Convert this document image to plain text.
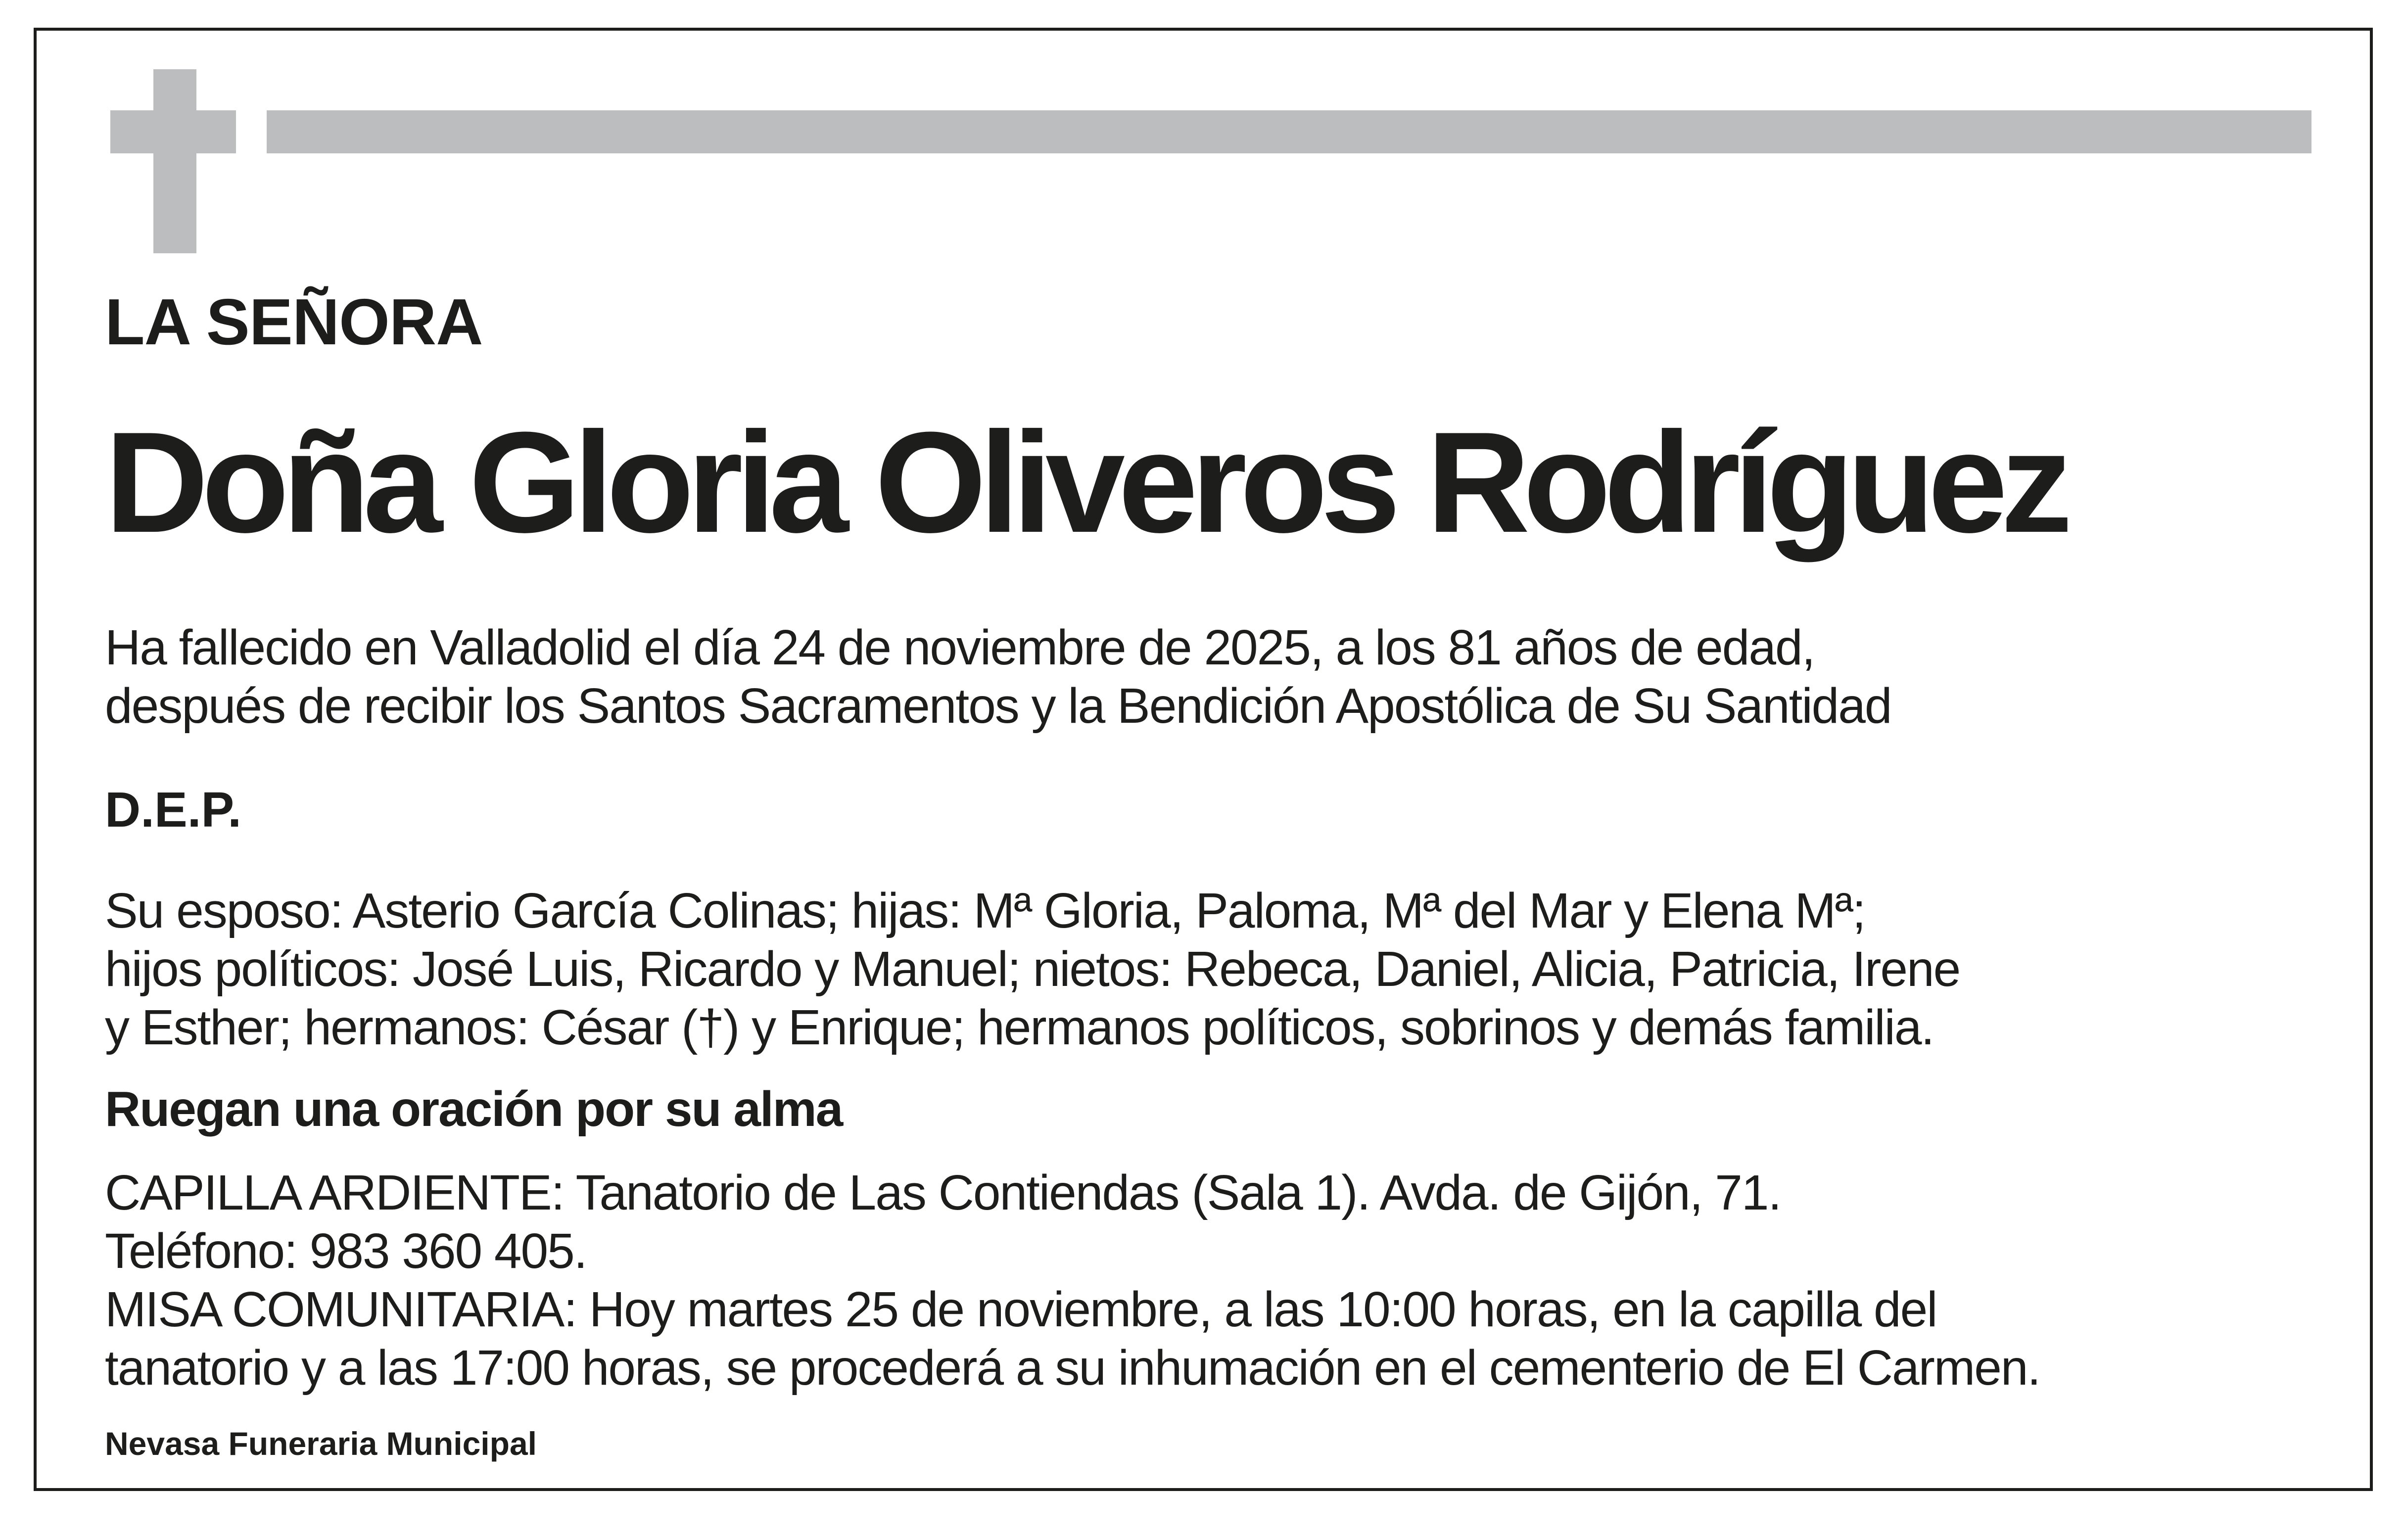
LA SEÑORA
Doña Gloria Oliveros Rodríguez
Ha fallecido en Valladolid el día 24 de noviembre de 2025, a los 81 años de edad,
después de recibir los Santos Sacramentos y la Bendición Apostólica de Su Santidad
D.E.P.
Su esposo: Asterio García Colinas; hijas: Mª Gloria, Paloma, Mª del Mar y Elena Mª;
hijos políticos: José Luis, Ricardo y Manuel; nietos: Rebeca, Daniel, Alicia, Patricia, Irene
y Esther; hermanos: César (†) y Enrique; hermanos políticos, sobrinos y demás familia.
Ruegan una oración por su alma
CAPILLA ARDIENTE: Tanatorio de Las Contiendas (Sala 1). Avda. de Gijón, 71.
Teléfono: 983 360 405.
MISA COMUNITARIA: Hoy martes 25 de noviembre, a las 10:00 horas, en la capilla del
tanatorio y a las 17:00 horas, se procederá a su inhumación en el cementerio de El Carmen.
Nevasa Funeraria Municipal
